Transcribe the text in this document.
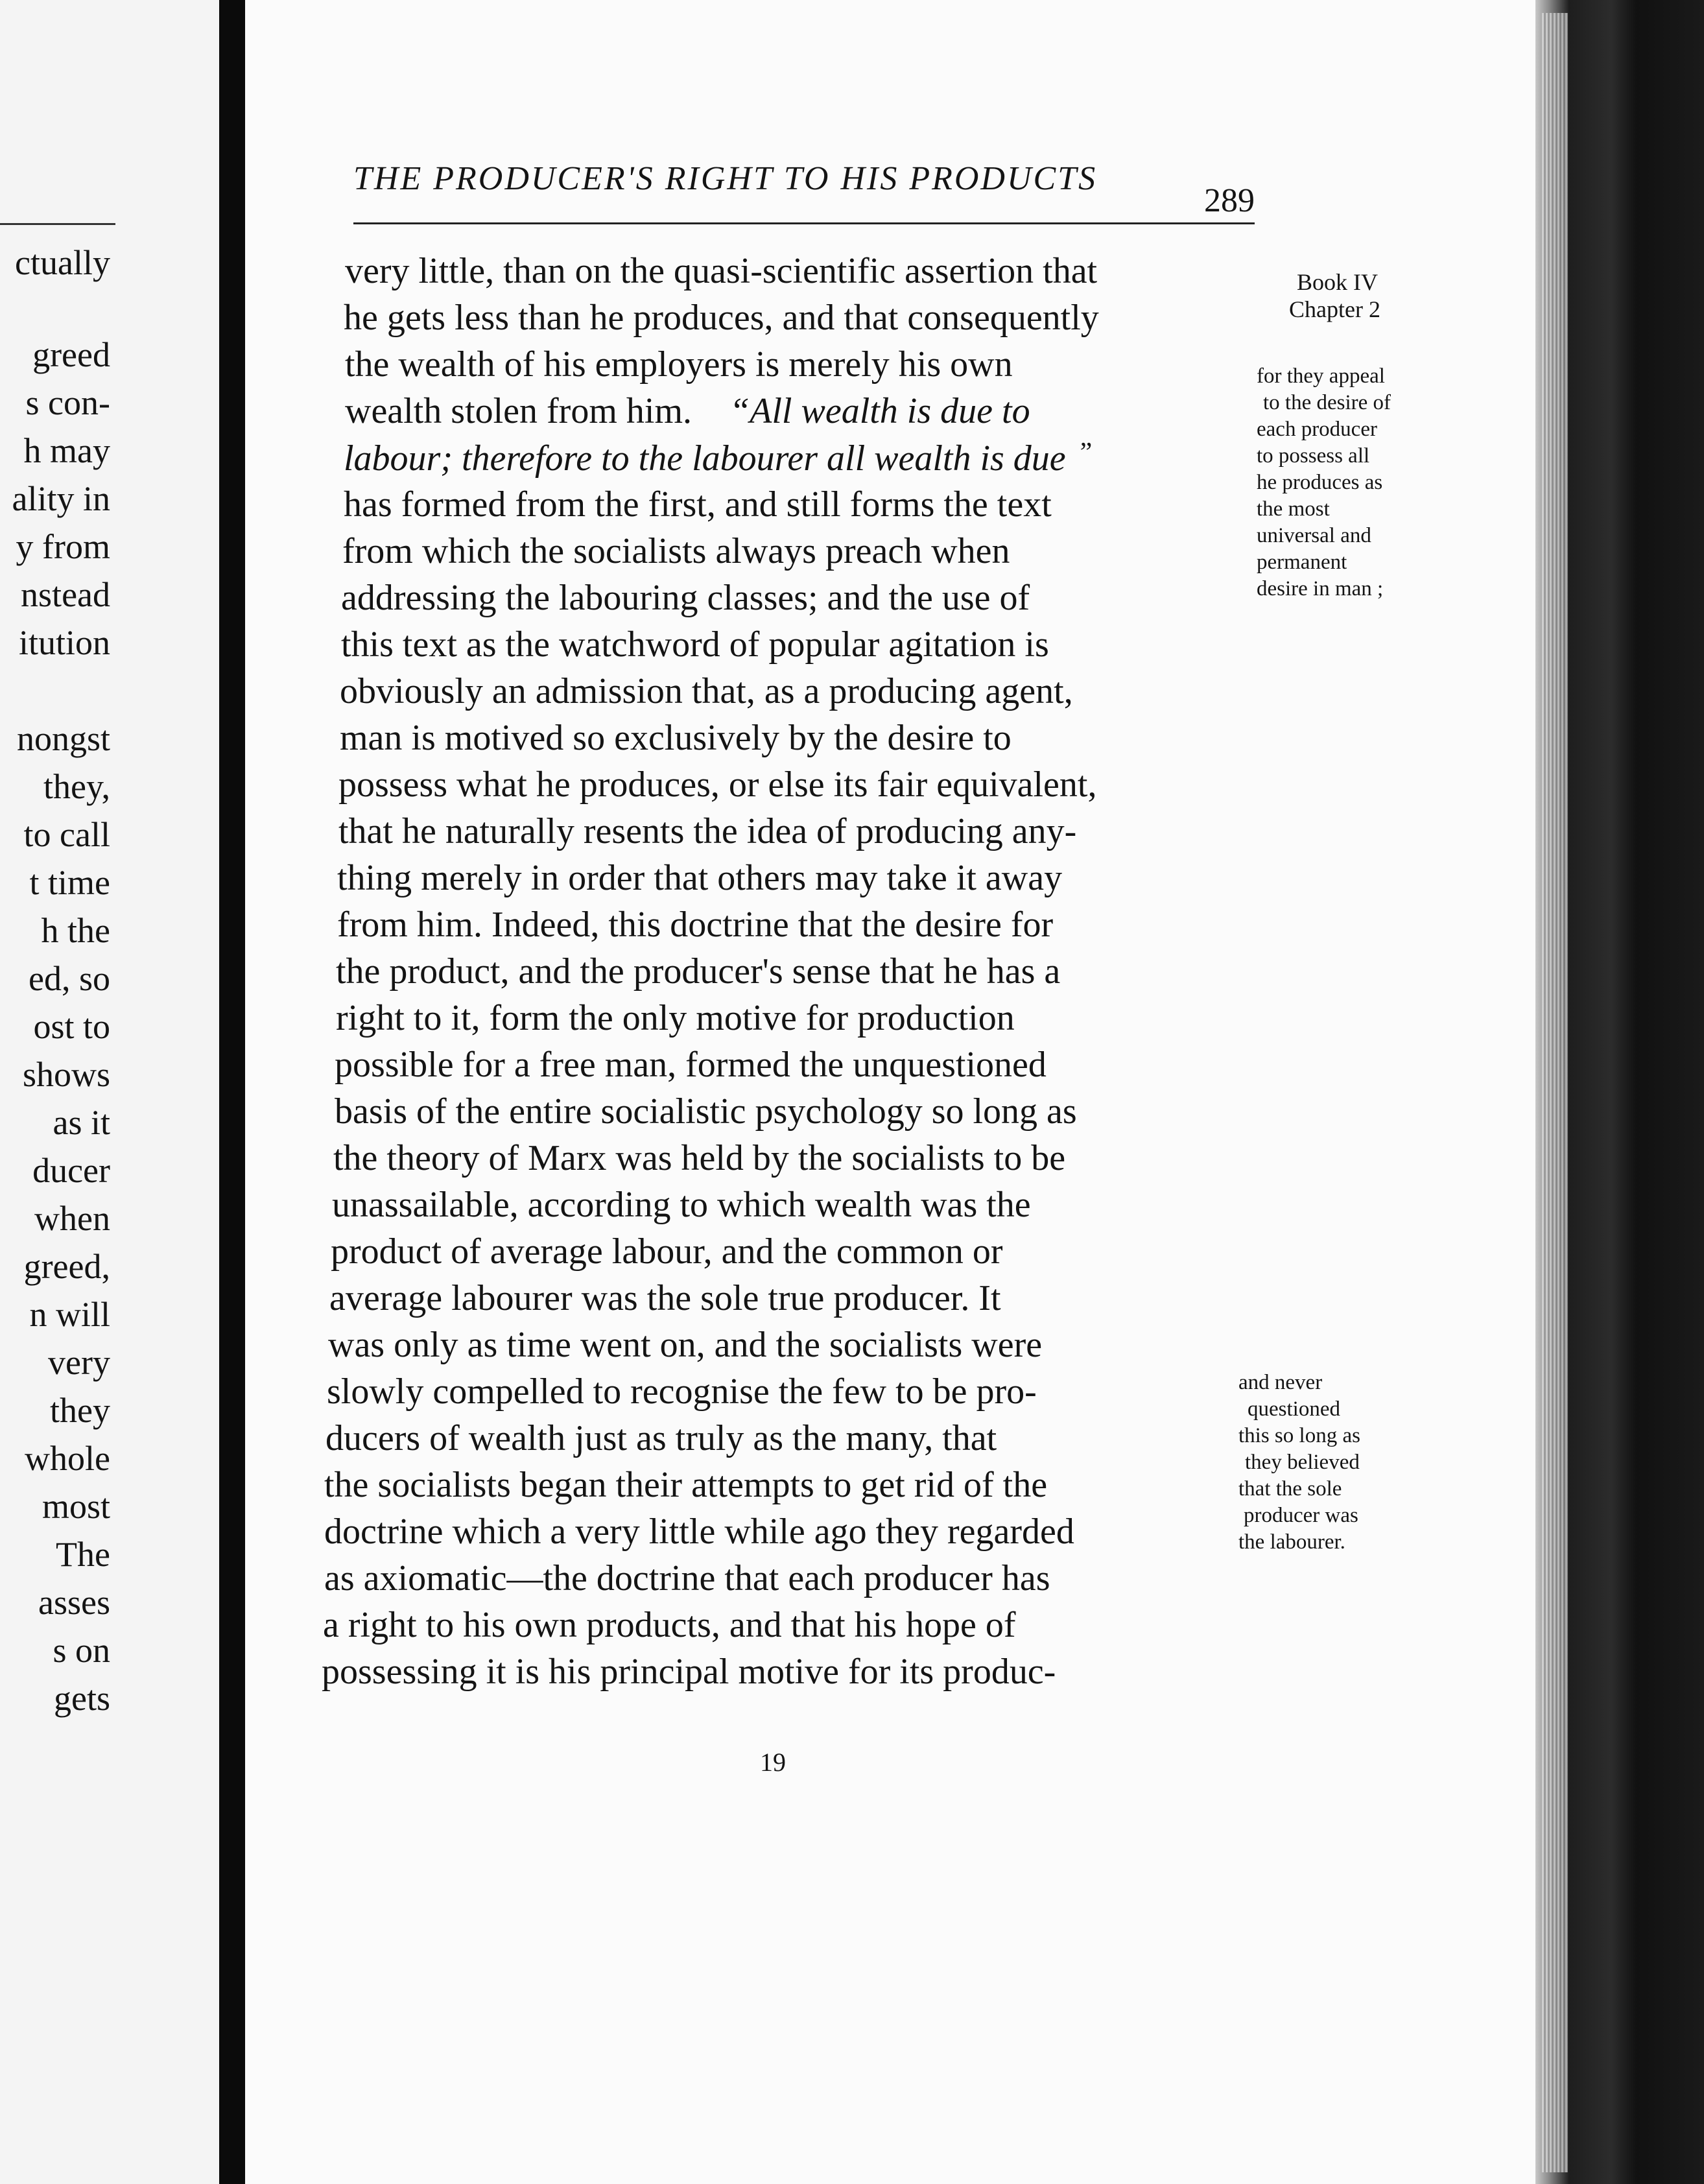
ctually
greed
s con-
h may
ality in
y from
nstead
itution
nongst
they,
to call
t time
h the
ed, so
ost to
shows
as it
ducer
when
greed,
n will
very
they
whole
most
The
asses
s on
gets
THE PRODUCER'S RIGHT TO HIS PRODUCTS
289
very little, than on the quasi-scientific assertion that
he gets less than he produces, and that consequently
the wealth of his employers is merely his own
wealth stolen from him. “All wealth is due to
labour; therefore to the labourer all wealth is due ”
has formed from the first, and still forms the text
from which the socialists always preach when
addressing the labouring classes; and the use of
this text as the watchword of popular agitation is
obviously an admission that, as a producing agent,
man is motived so exclusively by the desire to
possess what he produces, or else its fair equivalent,
that he naturally resents the idea of producing any-
thing merely in order that others may take it away
from him. Indeed, this doctrine that the desire for
the product, and the producer's sense that he has a
right to it, form the only motive for production
possible for a free man, formed the unquestioned
basis of the entire socialistic psychology so long as
the theory of Marx was held by the socialists to be
unassailable, according to which wealth was the
product of average labour, and the common or
average labourer was the sole true producer. It
was only as time went on, and the socialists were
slowly compelled to recognise the few to be pro-
ducers of wealth just as truly as the many, that
the socialists began their attempts to get rid of the
doctrine which a very little while ago they regarded
as axiomatic—the doctrine that each producer has
a right to his own products, and that his hope of
possessing it is his principal motive for its produc-
Book IV
Chapter 2
for they appeal
to the desire of
each producer
to possess all
he produces as
the most
universal and
permanent
desire in man ;
and never
questioned
this so long as
they believed
that the sole
producer was
the labourer.
19
